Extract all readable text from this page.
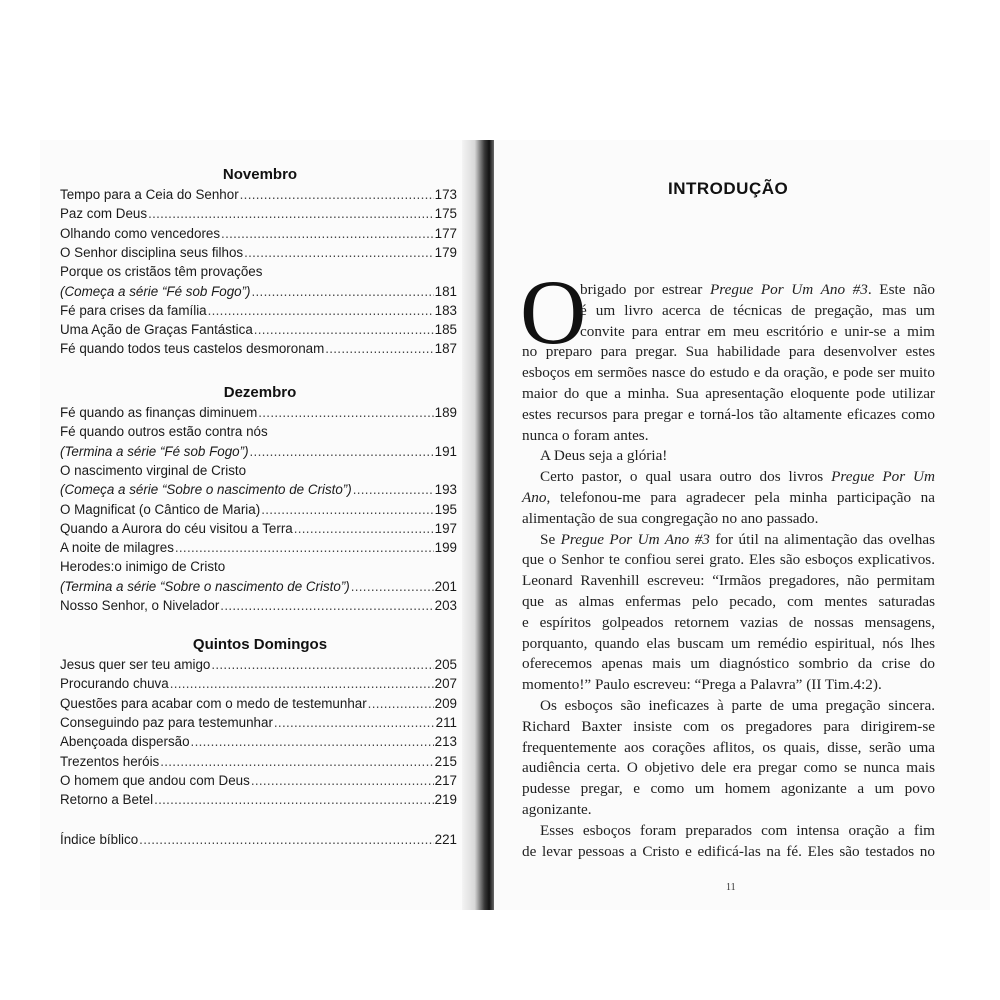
Novembro
Tempo para a Ceia do Senhor .....	173
Paz com Deus .....	175
Olhando como vencedores .....	177
O Senhor disciplina seus filhos .....	179
Porque os cristãos têm provações
(Começa a série “Fé sob Fogo”) .....	181
Fé para crises da família .....	183
Uma Ação de Graças Fantástica .....	185
Fé quando todos teus castelos desmoronam .....	187
Dezembro
Fé quando as finanças diminuem .....	189
Fé quando outros estão contra nós
(Termina a série “Fé sob Fogo”) .....	191
O nascimento virginal de Cristo
(Começa a série “Sobre o nascimento de Cristo”) .....	193
O Magnificat (o Cântico de Maria) .....	195
Quando a Aurora do céu visitou a Terra .....	197
A noite de milagres .....	199
Herodes:o inimigo de Cristo
(Termina a série “Sobre o nascimento de Cristo”) .....	201
Nosso Senhor, o Nivelador .....	203
Quintos Domingos
Jesus quer ser teu amigo .....	205
Procurando chuva .....	207
Questões para acabar com o medo de testemunhar .....	209
Conseguindo paz para testemunhar .....	211
Abençoada dispersão .....	213
Trezentos heróis .....	215
O homem que andou com Deus .....	217
Retorno a Betel .....	219
Índice bíblico .....	221
INTRODUÇÃO
O
brigado por estrear Pregue Por Um Ano #3. Este não
é um livro acerca de técnicas de pregação, mas um
convite para entrar em meu escritório e unir-se a mim
no preparo para pregar. Sua habilidade para desenvolver estes
esboços em sermões nasce do estudo e da oração, e pode ser muito
maior do que a minha. Sua apresentação eloquente pode utilizar
estes recursos para pregar e torná-los tão altamente eficazes como
nunca o foram antes.
A Deus seja a glória!
Certo pastor, o qual usara outro dos livros Pregue Por Um
Ano, telefonou-me para agradecer pela minha participação na
alimentação de sua congregação no ano passado.
Se Pregue Por Um Ano #3 for útil na alimentação das ovelhas
que o Senhor te confiou serei grato. Eles são esboços explicativos.
Leonard Ravenhill escreveu: “Irmãos pregadores, não permitam
que as almas enfermas pelo pecado, com mentes saturadas
e espíritos golpeados retornem vazias de nossas mensagens,
porquanto, quando elas buscam um remédio espiritual, nós lhes
oferecemos apenas mais um diagnóstico sombrio da crise do
momento!” Paulo escreveu: “Prega a Palavra” (II Tim.4:2).
Os esboços são ineficazes à parte de uma pregação sincera.
Richard Baxter insiste com os pregadores para dirigirem-se
frequentemente aos corações aflitos, os quais, disse, serão uma
audiência certa. O objetivo dele era pregar como se nunca mais
pudesse pregar, e como um homem agonizante a um povo
agonizante.
Esses esboços foram preparados com intensa oração a fim
de levar pessoas a Cristo e edificá-las na fé. Eles são testados no
11
